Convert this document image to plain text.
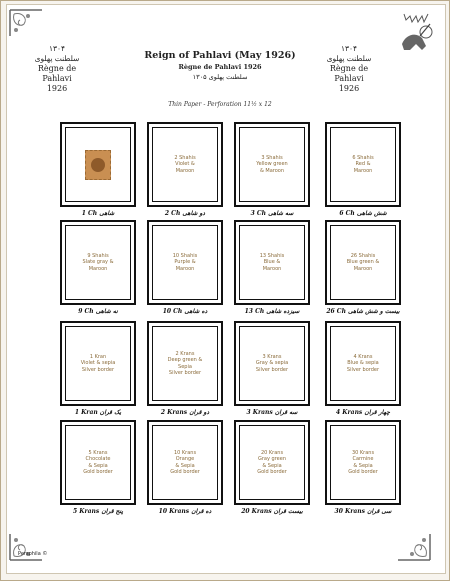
۱۳۰۴
سلطنت پهلوی
Règne de
Pahlavi
1926
۱۳۰۴
سلطنت پهلوی
Règne de
Pahlavi
1926
Reign of Pahlavi (May 1926)
Règne de Pahlavi 1926
سلطنت پهلوی ۱۳۰۵
Thin Paper - Perforation 11½ x 12
1 Ch شاهی
2 Shahis
Violet &
Maroon
2 Ch دو شاهی
3 Shahis
Yellow green
& Maroon
3 Ch سه شاهی
6 Shahis
Red &
Maroon
6 Ch شش شاهی
9 Shahis
Slate gray &
Maroon
9 Ch نه شاهی
10 Shahis
Purple &
Maroon
10 Ch ده شاهی
13 Shahis
Blue &
Maroon
13 Ch سیزده شاهی
26 Shahis
Blue green &
Maroon
26 Ch بیست و شش شاهی
1 Kran
Violet & sepia
Silver border
1 Kran یک قران
2 Krans
Deep green &
Sepia
Silver border
2 Krans دو قران
3 Krans
Gray & sepia
Silver border
3 Krans سه قران
4 Krans
Blue & sepia
Silver border
4 Krans چهار قران
5 Krans
Chocolate
& Sepia
Gold border
5 Krans پنج قران
10 Krans
Orange
& Sepia
Gold border
10 Krans ده قران
20 Krans
Gray green
& Sepia
Gold border
20 Krans بیست قران
30 Krans
Carmine
& Sepia
Gold border
30 Krans سی قران
Persphila ©
